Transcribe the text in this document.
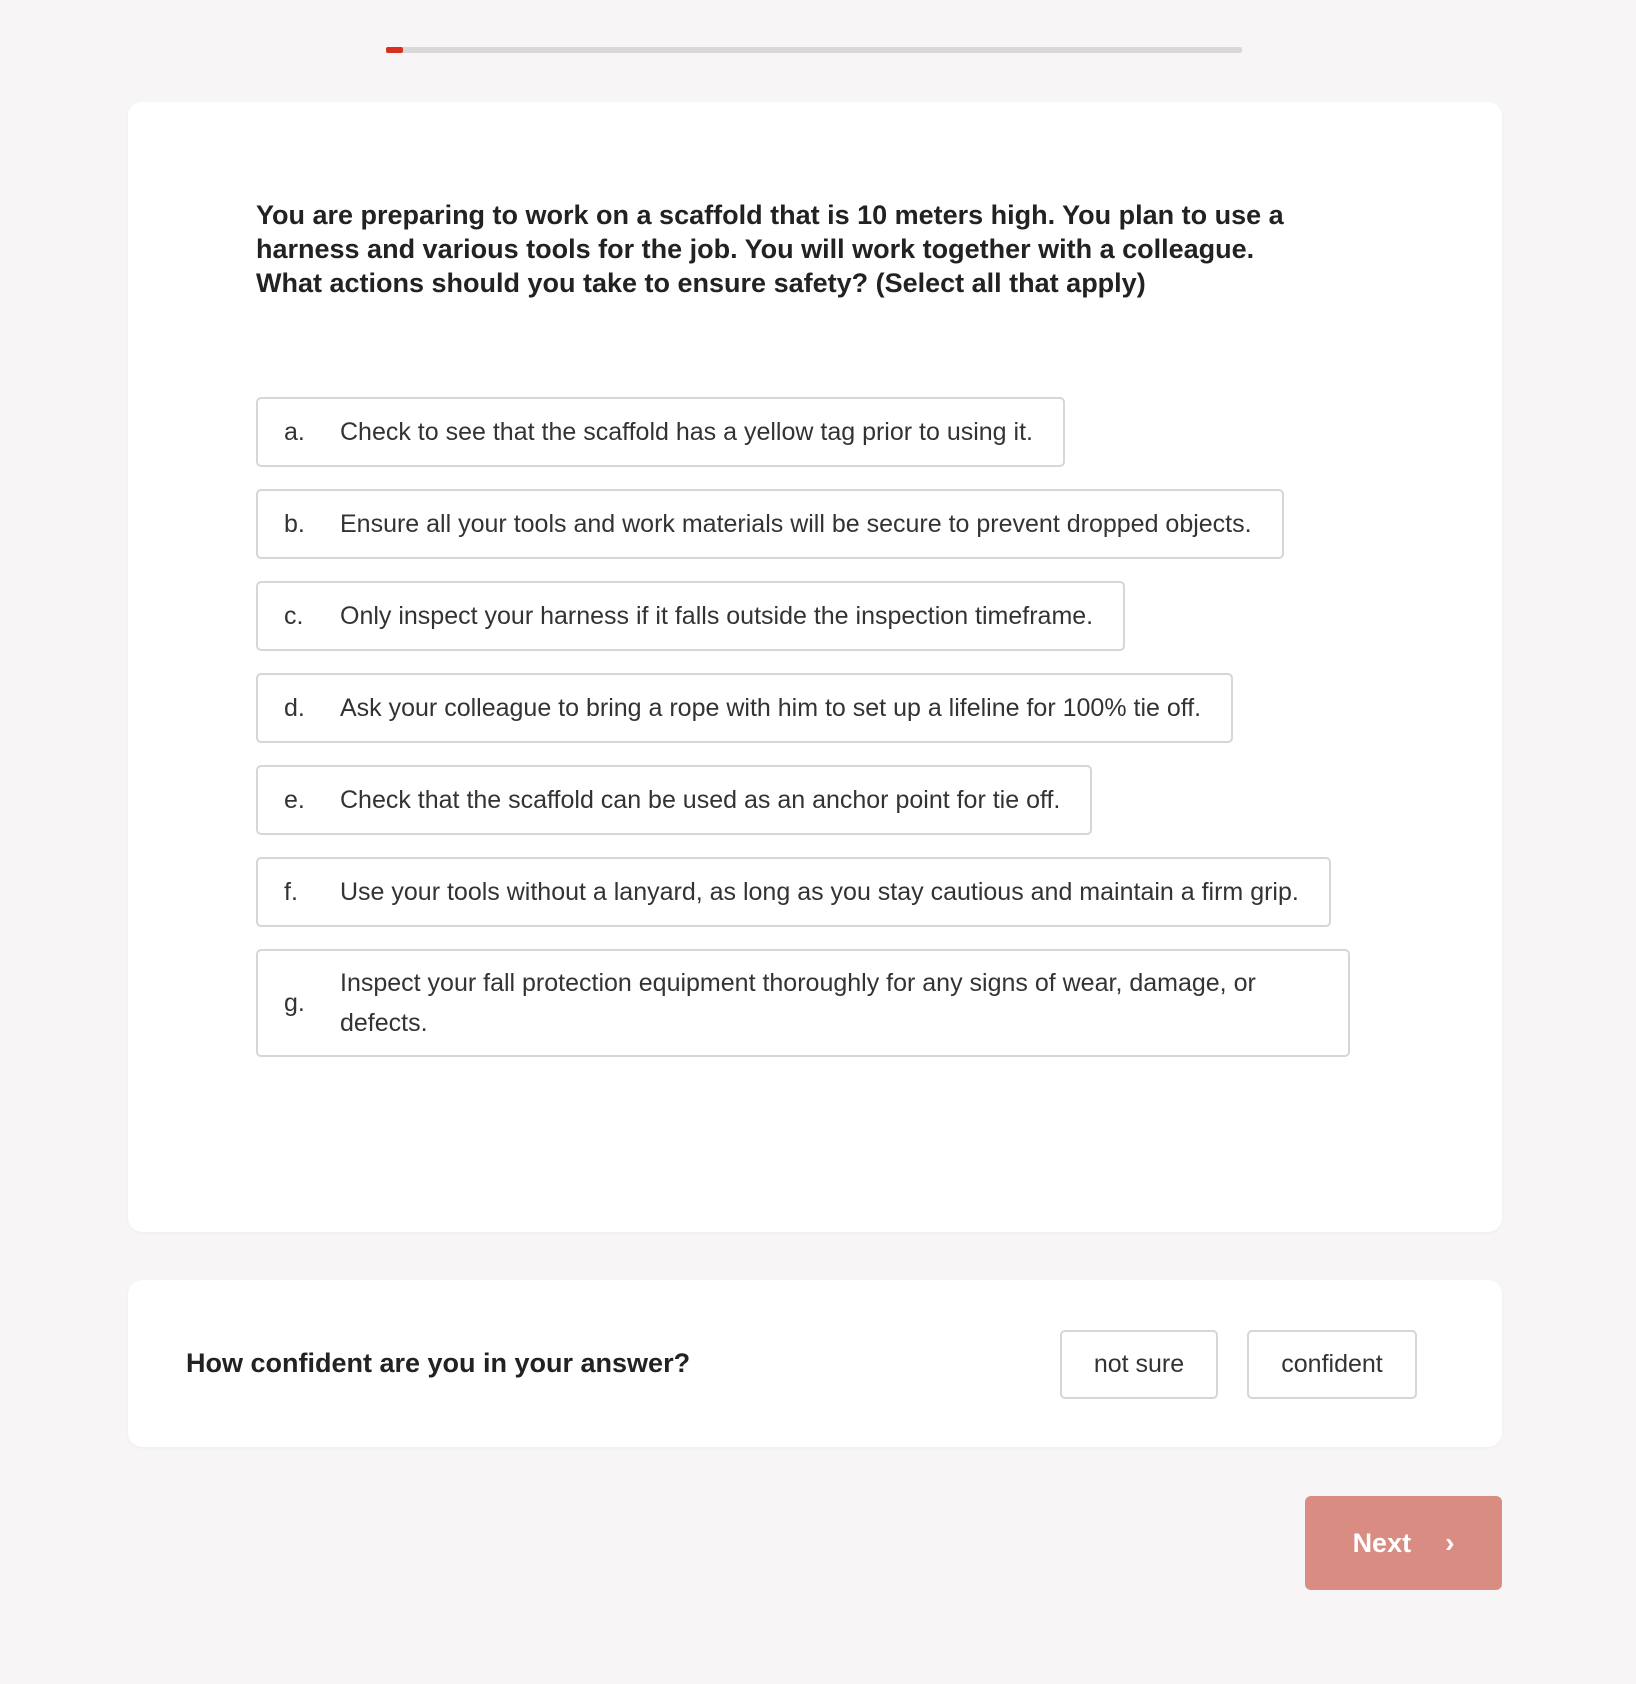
You are preparing to work on a scaffold that is 10 meters high. You plan to use a harness and various tools for the job. You will work together with a colleague. What actions should you take to ensure safety? (Select all that apply)

a.	Check to see that the scaffold has a yellow tag prior to using it.
b.	Ensure all your tools and work materials will be secure to prevent dropped objects.
c.	Only inspect your harness if it falls outside the inspection timeframe.
d.	Ask your colleague to bring a rope with him to set up a lifeline for 100% tie off.
e.	Check that the scaffold can be used as an anchor point for tie off.
f.	Use your tools without a lanyard, as long as you stay cautious and maintain a firm grip.
g.
Inspect your fall protection equipment thoroughly for any signs of wear, damage, or defects.

How confident are you in your answer?	not sure	confident
Next ›
